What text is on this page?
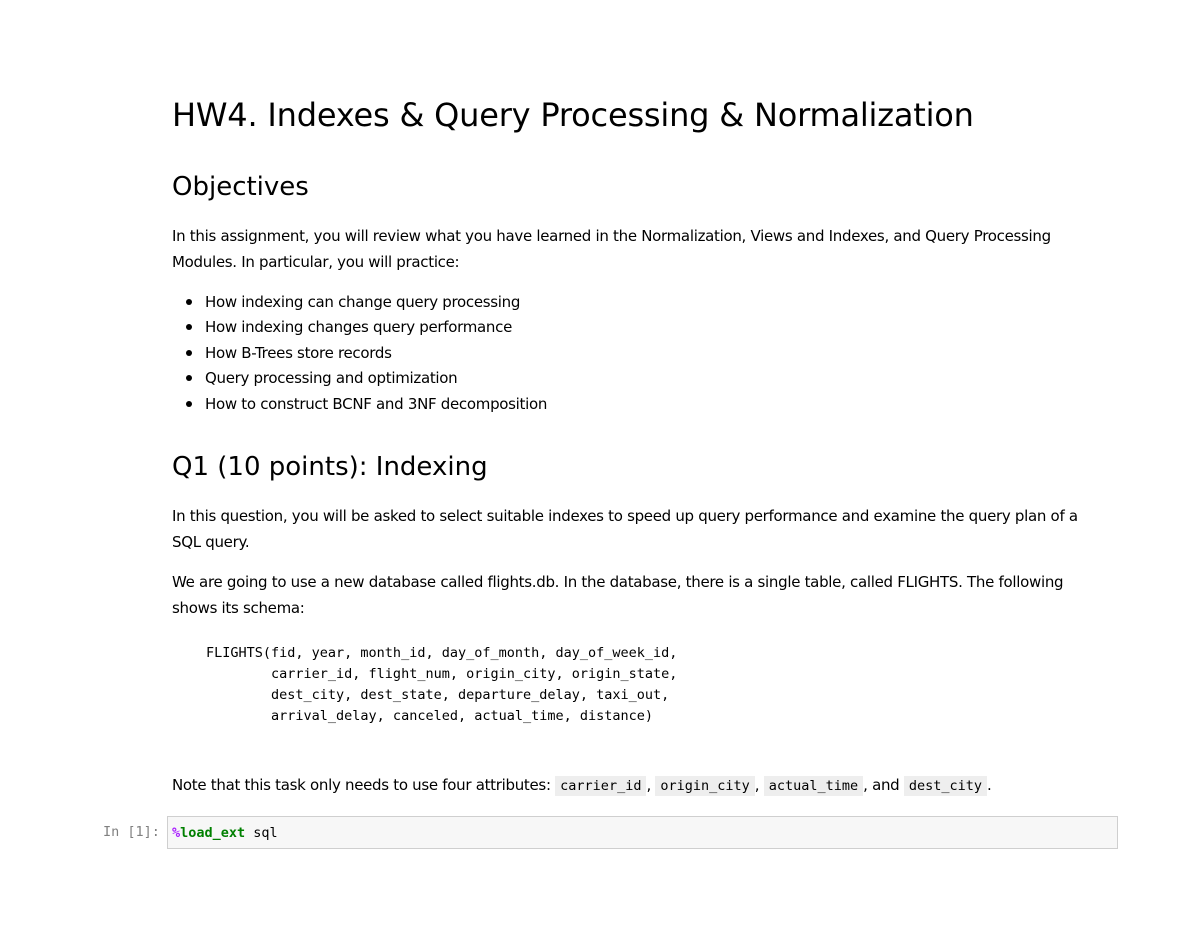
HW4. Indexes & Query Processing & Normalization
Objectives

In this assignment, you will review what you have learned in the Normalization, Views and Indexes, and Query Processing Modules. In particular, you will practice:

How indexing can change query processing
How indexing changes query performance
How B-Trees store records
Query processing and optimization
How to construct BCNF and 3NF decomposition
Q1 (10 points): Indexing

In this question, you will be asked to select suitable indexes to speed up query performance and examine the query plan of a SQL query.

We are going to use a new database called flights.db. In the database, there is a single table, called FLIGHTS. The following shows its schema:

FLIGHTS(fid, year, month_id, day_of_month, day_of_week_id,
carrier_id, flight_num, origin_city, origin_state,
dest_city, dest_state, departure_delay, taxi_out,
arrival_delay, canceled, actual_time, distance)

Note that this task only needs to use four attributes: carrier_id , origin_city , actual_time , and dest_city .

In [1]: %load_ext sql
